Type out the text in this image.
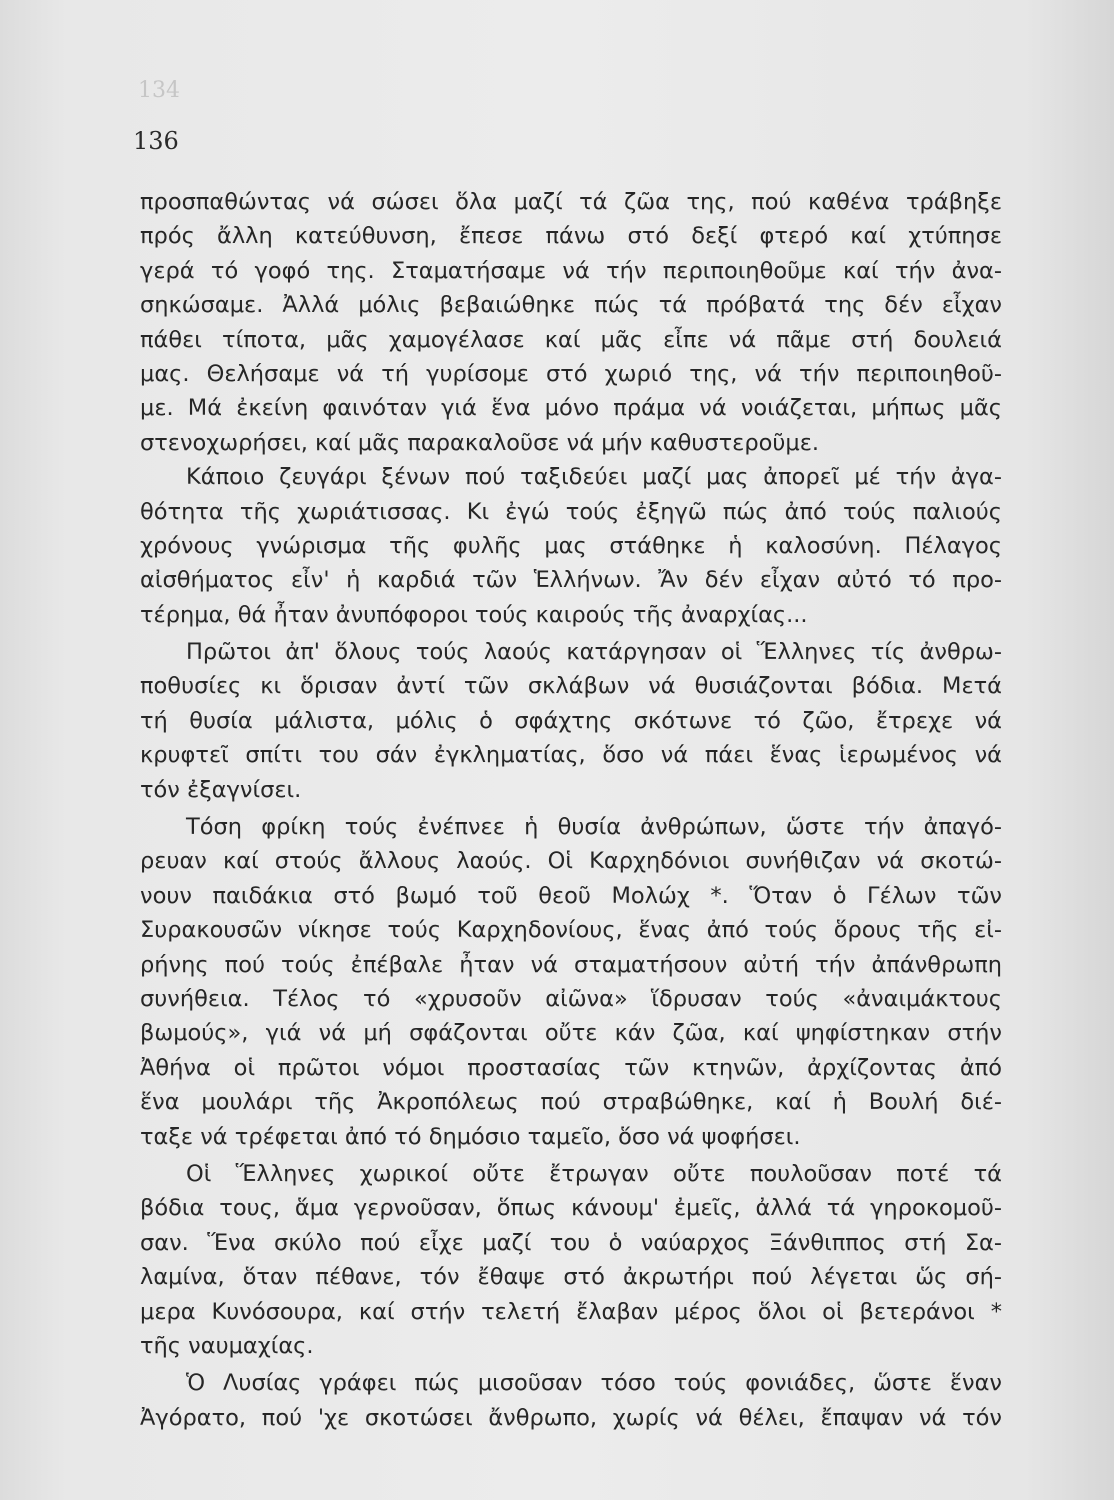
134
136
προσπαθώντας νά σώσει ὅλα μαζί τά ζῶα της, πού καθένα τράβηξε
πρός ἄλλη κατεύθυνση, ἔπεσε πάνω στό δεξί φτερό καί χτύπησε
γερά τό γοφό της. Σταματήσαμε νά τήν περιποιηθοῦμε καί τήν ἀνα-
σηκώσαμε. Ἀλλά μόλις βεβαιώθηκε πώς τά πρόβατά της δέν εἶχαν
πάθει τίποτα, μᾶς χαμογέλασε καί μᾶς εἶπε νά πᾶμε στή δουλειά
μας. Θελήσαμε νά τή γυρίσομε στό χωριό της, νά τήν περιποιηθοῦ-
με. Μά ἐκείνη φαινόταν γιά ἕνα μόνο πράμα νά νοιάζεται, μήπως μᾶς
στενοχωρήσει, καί μᾶς παρακαλοῦσε νά μήν καθυστεροῦμε.
Κάποιο ζευγάρι ξένων πού ταξιδεύει μαζί μας ἀπορεῖ μέ τήν ἀγα-
θότητα τῆς χωριάτισσας. Κι ἐγώ τούς ἐξηγῶ πώς ἀπό τούς παλιούς
χρόνους γνώρισμα τῆς φυλῆς μας στάθηκε ἡ καλοσύνη. Πέλαγος
αἰσθήματος εἶν' ἡ καρδιά τῶν Ἑλλήνων. Ἄν δέν εἶχαν αὐτό τό προ-
τέρημα, θά ἦταν ἀνυπόφοροι τούς καιρούς τῆς ἀναρχίας...
Πρῶτοι ἀπ' ὅλους τούς λαούς κατάργησαν οἱ Ἕλληνες τίς ἀνθρω-
ποθυσίες κι ὅρισαν ἀντί τῶν σκλάβων νά θυσιάζονται βόδια. Μετά
τή θυσία μάλιστα, μόλις ὁ σφάχτης σκότωνε τό ζῶο, ἔτρεχε νά
κρυφτεῖ σπίτι του σάν ἐγκληματίας, ὅσο νά πάει ἕνας ἱερωμένος νά
τόν ἐξαγνίσει.
Τόση φρίκη τούς ἐνέπνεε ἡ θυσία ἀνθρώπων, ὥστε τήν ἀπαγό-
ρευαν καί στούς ἄλλους λαούς. Οἱ Καρχηδόνιοι συνήθιζαν νά σκοτώ-
νουν παιδάκια στό βωμό τοῦ θεοῦ Μολώχ *. Ὅταν ὁ Γέλων τῶν
Συρακουσῶν νίκησε τούς Καρχηδονίους, ἕνας ἀπό τούς ὅρους τῆς εἰ-
ρήνης πού τούς ἐπέβαλε ἦταν νά σταματήσουν αὐτή τήν ἀπάνθρωπη
συνήθεια. Τέλος τό «χρυσοῦν αἰῶνα» ἵδρυσαν τούς «ἀναιμάκτους
βωμούς», γιά νά μή σφάζονται οὔτε κάν ζῶα, καί ψηφίστηκαν στήν
Ἀθήνα οἱ πρῶτοι νόμοι προστασίας τῶν κτηνῶν, ἀρχίζοντας ἀπό
ἕνα μουλάρι τῆς Ἀκροπόλεως πού στραβώθηκε, καί ἡ Βουλή διέ-
ταξε νά τρέφεται ἀπό τό δημόσιο ταμεῖο, ὅσο νά ψοφήσει.
Οἱ Ἕλληνες χωρικοί οὔτε ἔτρωγαν οὔτε πουλοῦσαν ποτέ τά
βόδια τους, ἅμα γερνοῦσαν, ὅπως κάνουμ' ἐμεῖς, ἀλλά τά γηροκομοῦ-
σαν. Ἕνα σκύλο πού εἶχε μαζί του ὁ ναύαρχος Ξάνθιππος στή Σα-
λαμίνα, ὅταν πέθανε, τόν ἔθαψε στό ἀκρωτήρι πού λέγεται ὥς σή-
μερα Κυνόσουρα, καί στήν τελετή ἔλαβαν μέρος ὅλοι οἱ βετεράνοι *
τῆς ναυμαχίας.
Ὁ Λυσίας γράφει πώς μισοῦσαν τόσο τούς φονιάδες, ὥστε ἕναν
Ἀγόρατο, πού 'χε σκοτώσει ἄνθρωπο, χωρίς νά θέλει, ἔπαψαν νά τόν
